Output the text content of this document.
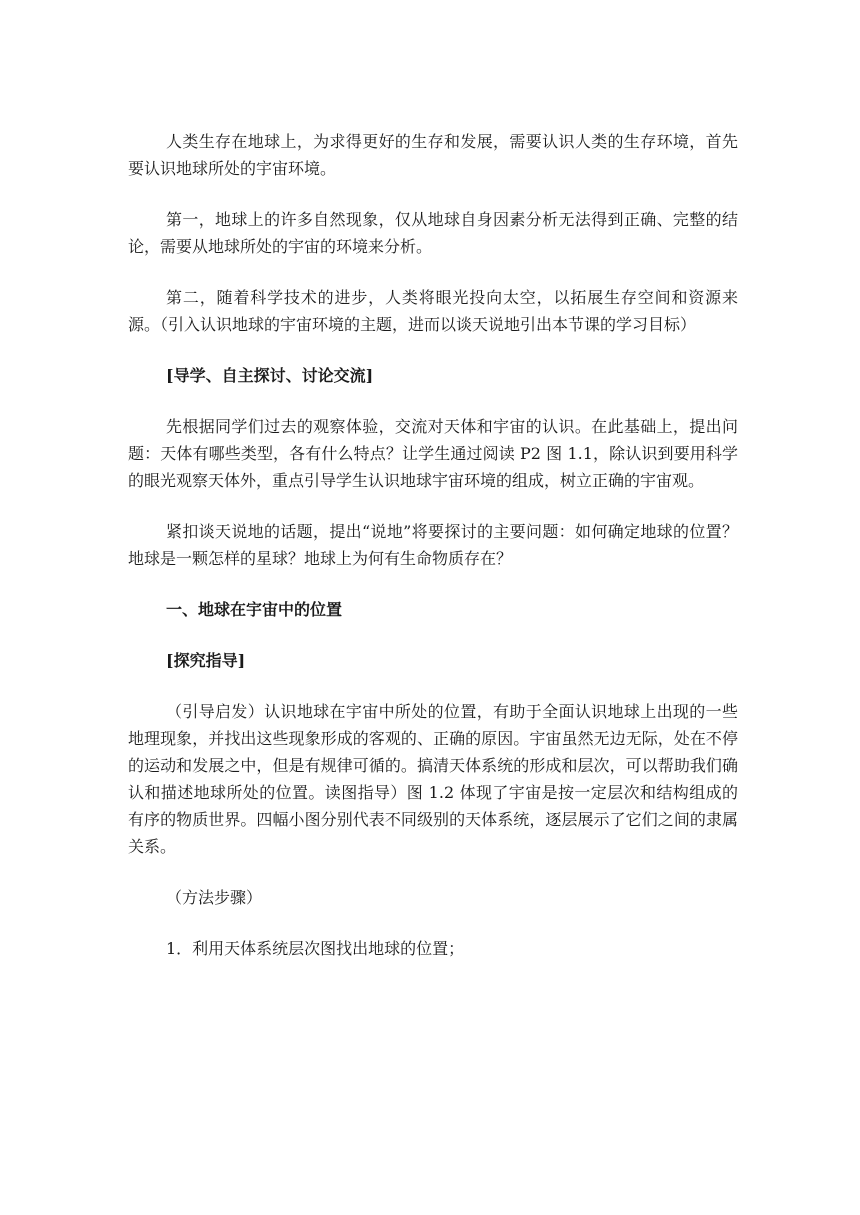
人类生存在地球上，为求得更好的生存和发展，需要认识人类的生存环境，首先要认识地球所处的宇宙环境。

第一，地球上的许多自然现象，仅从地球自身因素分析无法得到正确、完整的结论，需要从地球所处的宇宙的环境来分析。

第二，随着科学技术的进步，人类将眼光投向太空，以拓展生存空间和资源来源。（引入认识地球的宇宙环境的主题，进而以谈天说地引出本节课的学习目标）

[导学、自主探讨、讨论交流]

先根据同学们过去的观察体验，交流对天体和宇宙的认识。在此基础上，提出问题：天体有哪些类型，各有什么特点？让学生通过阅读 P2 图 1.1，除认识到要用科学的眼光观察天体外，重点引导学生认识地球宇宙环境的组成，树立正确的宇宙观。

紧扣谈天说地的话题，提出“说地”将要探讨的主要问题：如何确定地球的位置？地球是一颗怎样的星球？地球上为何有生命物质存在？

一、地球在宇宙中的位置

[探究指导]

（引导启发）认识地球在宇宙中所处的位置，有助于全面认识地球上出现的一些地理现象，并找出这些现象形成的客观的、正确的原因。宇宙虽然无边无际，处在不停的运动和发展之中，但是有规律可循的。搞清天体系统的形成和层次，可以帮助我们确认和描述地球所处的位置。读图指导）图 1.2 体现了宇宙是按一定层次和结构组成的有序的物质世界。四幅小图分别代表不同级别的天体系统，逐层展示了它们之间的隶属关系。

（方法步骤）

1．利用天体系统层次图找出地球的位置；
